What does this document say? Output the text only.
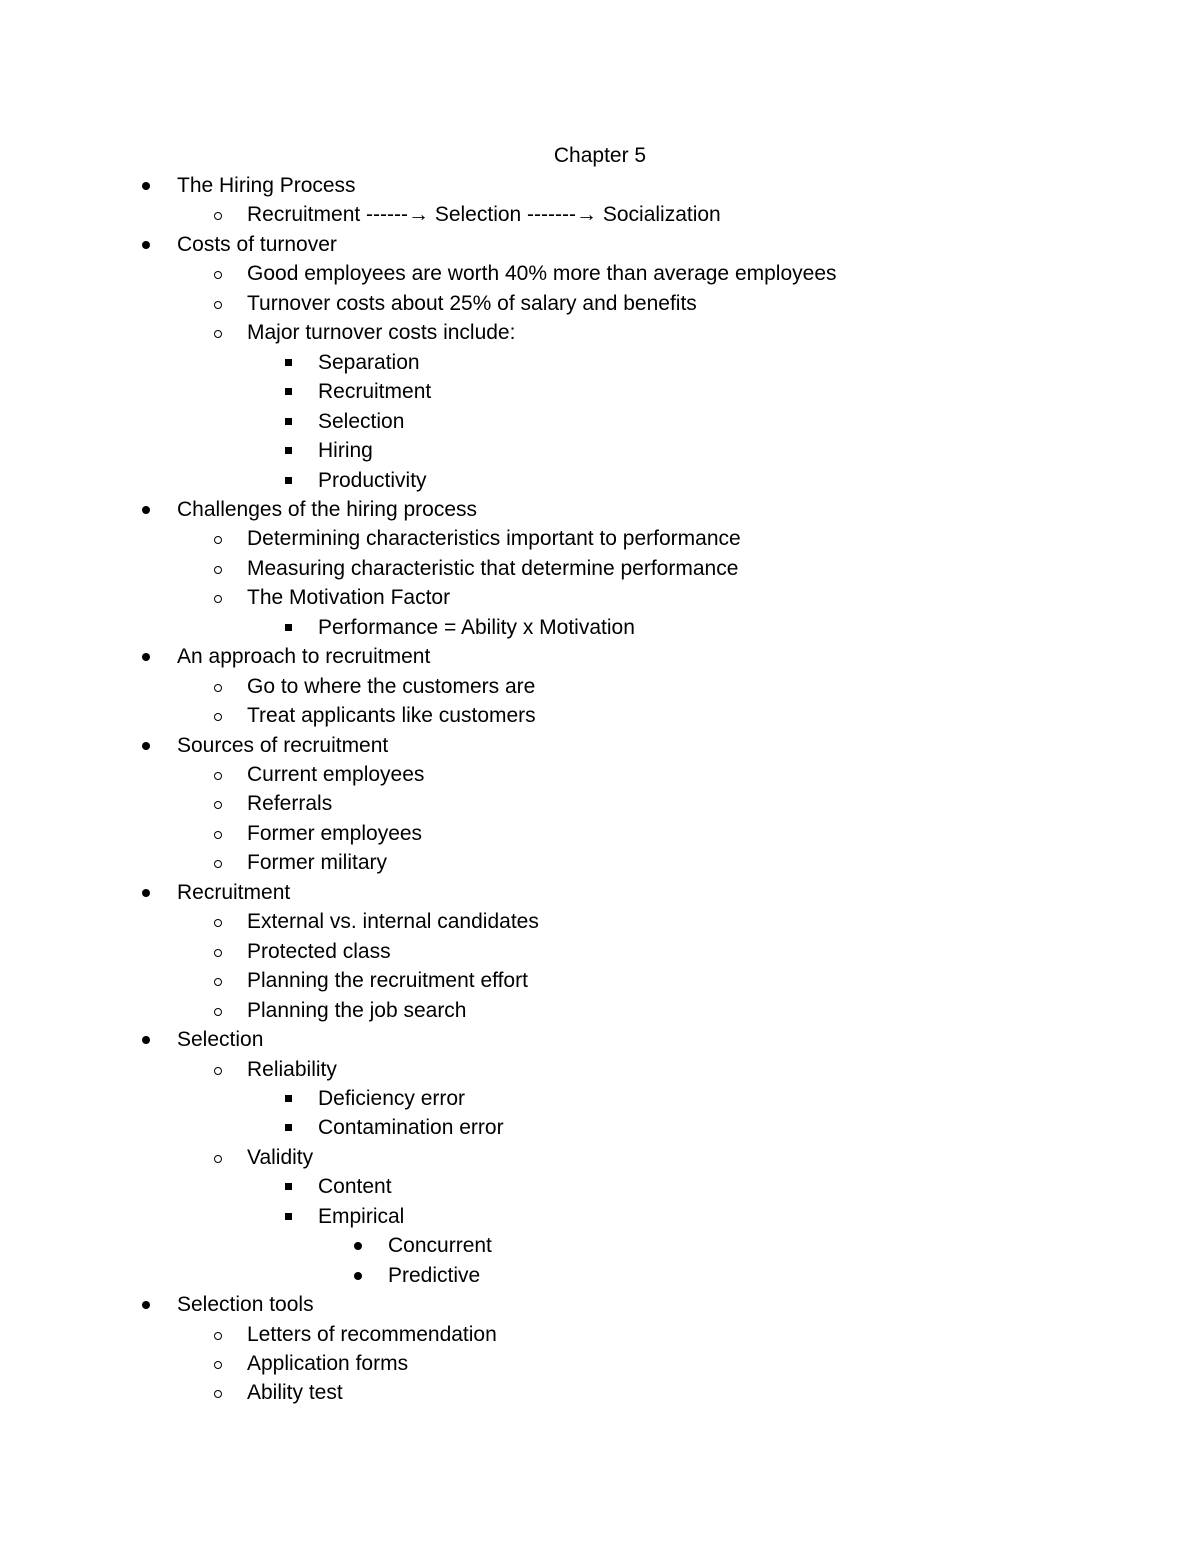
Chapter 5
The Hiring Process
Recruitment ------→ Selection -------→ Socialization
Costs of turnover
Good employees are worth 40% more than average employees
Turnover costs about 25% of salary and benefits
Major turnover costs include:
Separation
Recruitment
Selection
Hiring
Productivity
Challenges of the hiring process
Determining characteristics important to performance
Measuring characteristic that determine performance
The Motivation Factor
Performance = Ability x Motivation
An approach to recruitment
Go to where the customers are
Treat applicants like customers
Sources of recruitment
Current employees
Referrals
Former employees
Former military
Recruitment
External vs. internal candidates
Protected class
Planning the recruitment effort
Planning the job search
Selection
Reliability
Deficiency error
Contamination error
Validity
Content
Empirical
Concurrent
Predictive
Selection tools
Letters of recommendation
Application forms
Ability test
